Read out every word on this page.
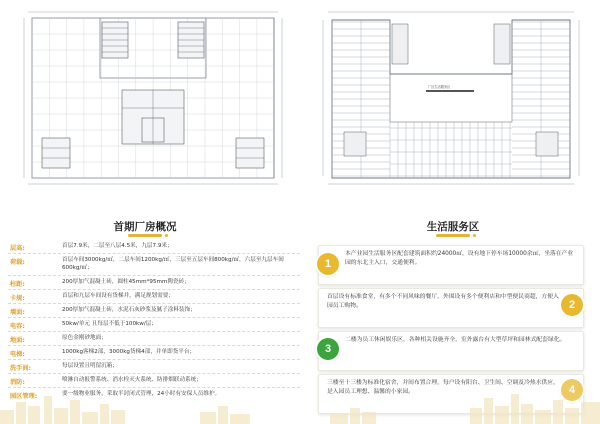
厂区生活服务区
首期厂房概况	生活服务区
层高:	首层7.9米，二层至八层4.5米，九层7.9米；
荷载:	首层车间3000kg/㎡，二层车间1200kg/㎡，三层至五层车间800kg/㎡，六层至九层车间600kg/㎡；
柱距:	200厚加气混凝土砖，圆柱45mm*95mm陶瓷砖；
卡规:	首层和九层车间设有货梯井，满足规划需要；
墙面:	200厚加气混凝土砖，水泥石灰砂浆及腻子涂料装饰；
电容:	50kw/单元 且每层不低于100kw/层；
地面:	原色金刚砂地面；
电梯:	1000kg客梯2部，3000kg货梯4部，并单即货平台；
洗手间:	每层设置且明留沉箱；
消防:	喷淋自动报警系统、消水栓灭火系统、防排烟联动系统；
园区管理:	要一级物业服务，采取半封闭式管理，24小时有安保人员维护。
本产业园生活服务区配套建筑面积约24000㎡，设有地下停车场10000余㎡，坐落在产业园的东北主入口，交通便利。
1
首层设有标准食堂，有多个不同风味的餐厅，外围设有多个便利店和中型便民商超，方便入园员工购物。	2
二楼为员工休闲娱乐区，各种相关设施齐全，室外露台有大型草坪和园林式配套绿化。
3
三楼至十三楼为标准化宿舍，并间布置合理，每户设有阳台、卫生间、空调及冷热水供应，是入园员工理想、温馨的小家园。	4
